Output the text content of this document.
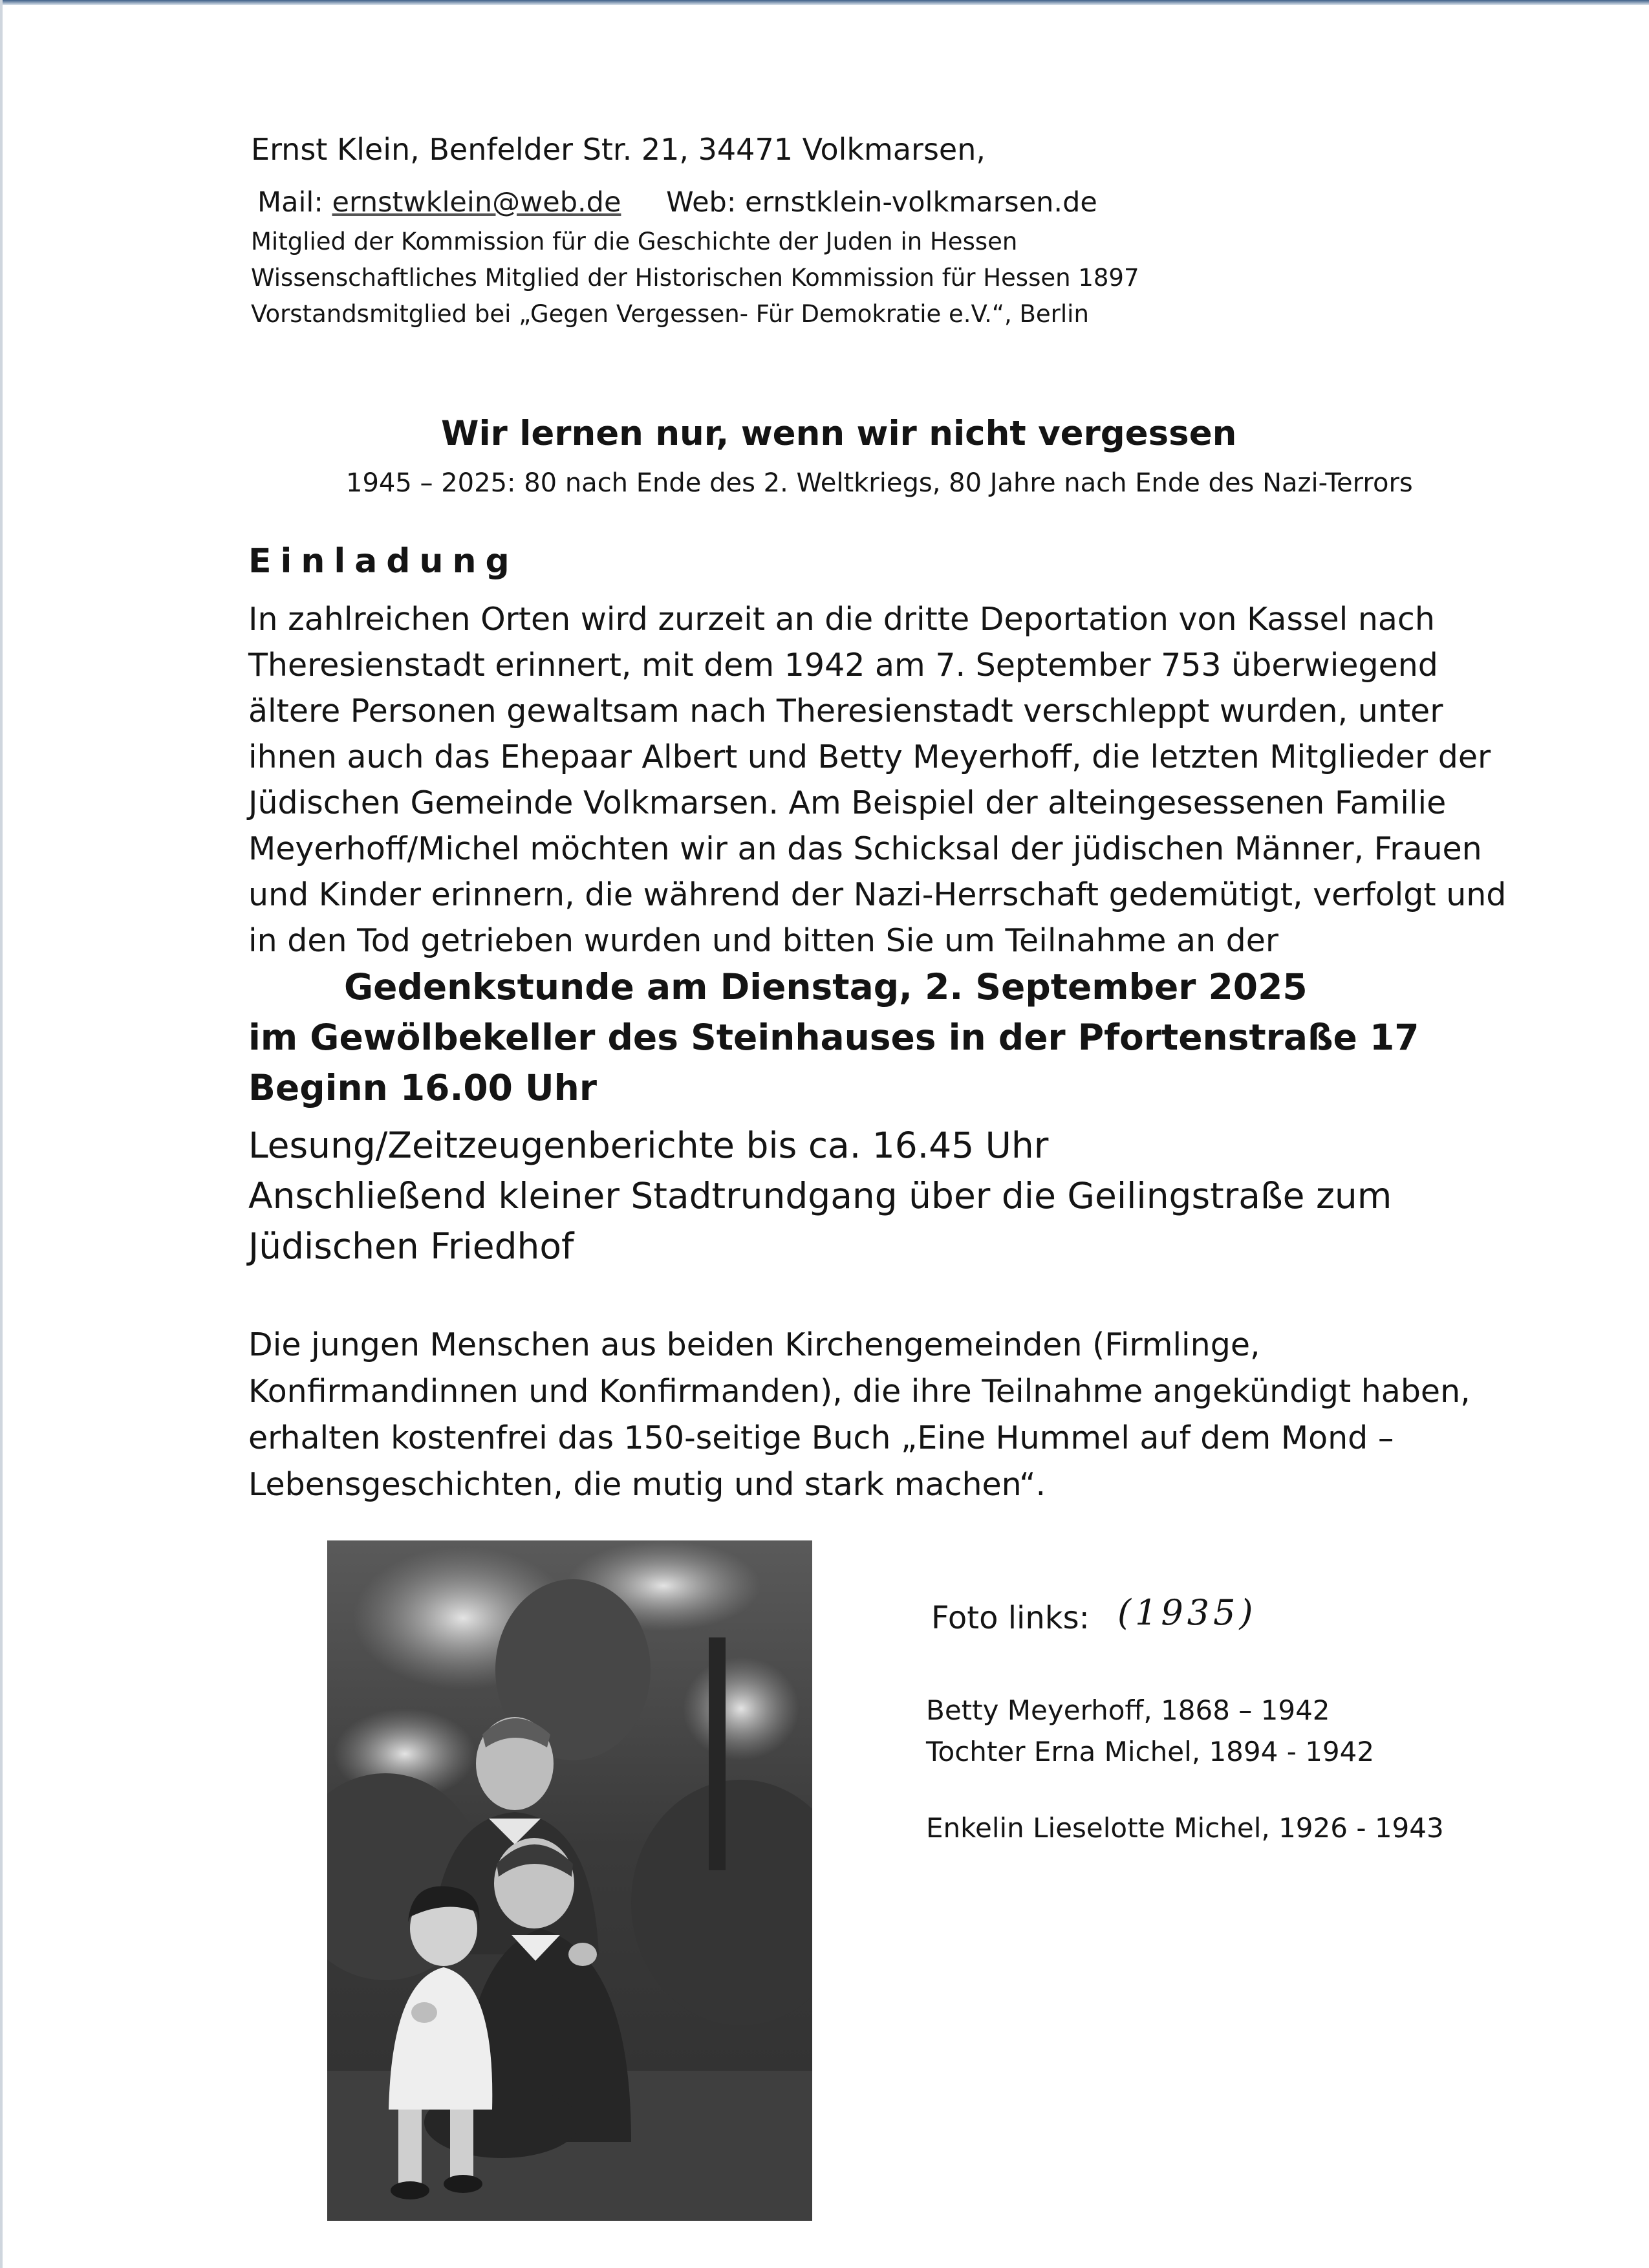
Ernst Klein, Benfelder Str. 21, 34471 Volkmarsen,
Mail: ernstwklein@web.de Web: ernstklein-volkmarsen.de
Mitglied der Kommission für die Geschichte der Juden in Hessen
Wissenschaftliches Mitglied der Historischen Kommission für Hessen 1897
Vorstandsmitglied bei „Gegen Vergessen- Für Demokratie e.V.“, Berlin
Wir lernen nur, wenn wir nicht vergessen
1945 – 2025: 80 nach Ende des 2. Weltkriegs, 80 Jahre nach Ende des Nazi-Terrors
Einladung
In zahlreichen Orten wird zurzeit an die dritte Deportation von Kassel nach
Theresienstadt erinnert, mit dem 1942 am 7. September 753 überwiegend
ältere Personen gewaltsam nach Theresienstadt verschleppt wurden, unter
ihnen auch das Ehepaar Albert und Betty Meyerhoff, die letzten Mitglieder der
Jüdischen Gemeinde Volkmarsen. Am Beispiel der alteingesessenen Familie
Meyerhoff/Michel möchten wir an das Schicksal der jüdischen Männer, Frauen
und Kinder erinnern, die während der Nazi-Herrschaft gedemütigt, verfolgt und
in den Tod getrieben wurden und bitten Sie um Teilnahme an der
Gedenkstunde am Dienstag, 2. September 2025
im Gewölbekeller des Steinhauses in der Pfortenstraße 17
Beginn 16.00 Uhr
Lesung/Zeitzeugenberichte bis ca. 16.45 Uhr
Anschließend kleiner Stadtrundgang über die Geilingstraße zum
Jüdischen Friedhof
Die jungen Menschen aus beiden Kirchengemeinden (Firmlinge,
Konfirmandinnen und Konfirmanden), die ihre Teilnahme angekündigt haben,
erhalten kostenfrei das 150-seitige Buch „Eine Hummel auf dem Mond –
Lebensgeschichten, die mutig und stark machen“.
Foto links: (1935)
Betty Meyerhoff, 1868 – 1942
Tochter Erna Michel, 1894 - 1942
Enkelin Lieselotte Michel, 1926 - 1943
